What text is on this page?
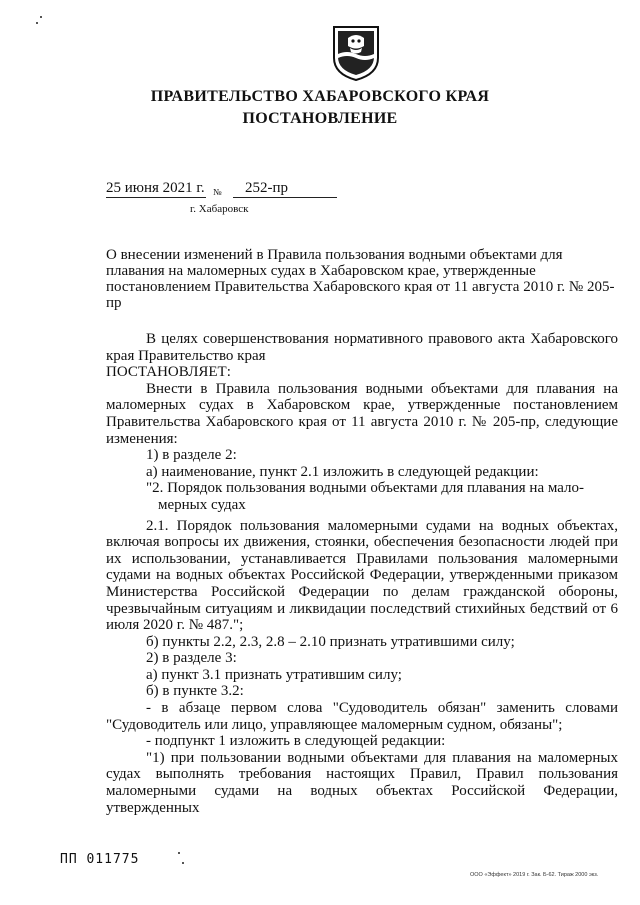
ПРАВИТЕЛЬСТВО ХАБАРОВСКОГО КРАЯ
ПОСТАНОВЛЕНИЕ
25 июня 2021 г. №	252-пр
г. Хабаровск
О внесении изменений в Правила пользования водными объектами для плавания на маломерных судах в Хабаровском крае, утвержденные постановлением Правительства Хабаровского края от 11 августа 2010 г. № 205-пр

В целях совершенствования нормативного правового акта Хабаровского края Правительство края

ПОСТАНОВЛЯЕТ:

Внести в Правила пользования водными объектами для плавания на маломерных судах в Хабаровском крае, утвержденные постановлением Правительства Хабаровского края от 11 августа 2010 г. № 205-пр, следующие изменения:

1) в разделе 2:

а) наименование, пункт 2.1 изложить в следующей редакции:

"2. Порядок пользования водными объектами для плавания на мало-
мерных судах

2.1. Порядок пользования маломерными судами на водных объектах, включая вопросы их движения, стоянки, обеспечения безопасности людей при их использовании, устанавливается Правилами пользования маломерными судами на водных объектах Российской Федерации, утвержденными приказом Министерства Российской Федерации по делам гражданской обороны, чрезвычайным ситуациям и ликвидации последствий стихийных бедствий от 6 июля 2020 г. № 487.";

б) пункты 2.2, 2.3, 2.8 – 2.10 признать утратившими силу;

2) в разделе 3:

а) пункт 3.1 признать утратившим силу;

б) в пункте 3.2:

- в абзаце первом слова "Судоводитель обязан" заменить словами "Судоводитель или лицо, управляющее маломерным судном, обязаны";

- подпункт 1 изложить в следующей редакции:

"1) при пользовании водными объектами для плавания на маломерных судах выполнять требования настоящих Правил, Правил пользования маломерными судами на водных объектах Российской Федерации, утвержденных

ПП 011775
ООО «Эффект» 2019 г. Зак. Б-62. Тираж 2000 экз.
